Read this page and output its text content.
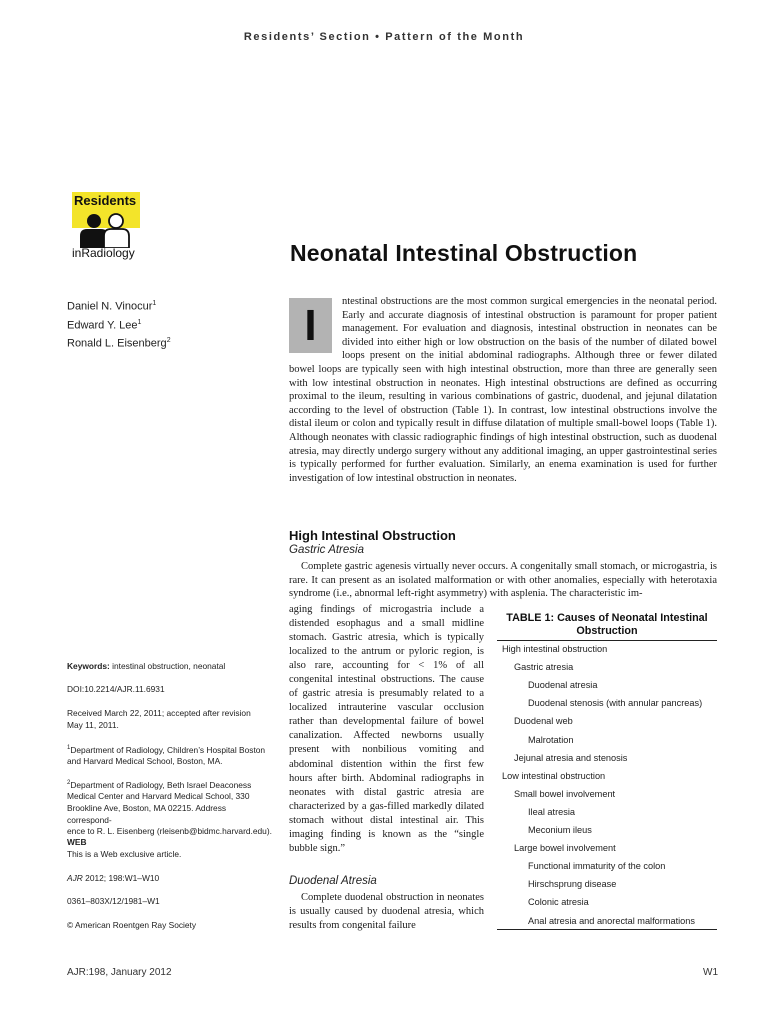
Residents’ Section • Pattern of the Month
Residents
inRadiology	Neonatal Intestinal Obstruction
Daniel N. Vinocur$^1$
Edward Y. Lee$^1$
Ronald L. Eisenberg$^2$	I	ntestinal obstructions are the most common surgical emergencies in the neonatal period. Early and accurate diagnosis of intestinal obstruction is paramount for proper patient management. For evaluation and diagnosis, intestinal obstruction in neonates can be divided into either high or low obstruction on the basis of the number of dilated bowel loops present on the initial abdominal radiographs. Although three or fewer dilated bowel loops are typically seen with high intestinal obstruction, more than three are generally seen with low intestinal obstruction in neonates. High intestinal obstructions are defined as occurring proximal to the ileum, resulting in various combinations of gastric, duodenal, and jejunal dilatation according to the level of obstruction (Table 1). In contrast, low intestinal obstructions involve the distal ileum or colon and typically result in diffuse dilatation of multiple small-bowel loops (Table 1). Although neonates with classic radiographic findings of high intestinal obstruction, such as duodenal atresia, may directly undergo surgery without any additional imaging, an upper gastrointestinal series is typically performed for further evaluation. Similarly, an enema examination is used for further investigation of low intestinal obstruction in neonates.
High Intestinal Obstruction
Gastric Atresia
Complete gastric agenesis virtually never occurs. A congenitally small stomach, or microgastria, is rare. It can present as an isolated malformation or with other anomalies, especially with heterotaxia syndrome (i.e., abnormal left-right asymmetry) with asplenia. The characteristic im-
aging findings of microgastria include a distended esophagus and a small midline stomach. Gastric atresia, which is typically localized to the antrum or pyloric region, is also rare, accounting for < 1% of all congenital intestinal obstructions. The cause of gastric atresia is presumably related to a localized intrauterine vascular occlusion rather than developmental failure of bowel canalization. Affected newborns usually present with nonbilious vomiting and abdominal distention within the first few hours after birth. Abdominal radiographs in neonates with distal gastric atresia are characterized by a gas-filled markedly dilated stomach without distal intestinal air. This imaging finding is known as the “single bubble sign.”
Duodenal Atresia
Complete duodenal obstruction in neonates is usually caused by duodenal atresia, which results from congenital failure
TABLE 1: Causes of Neonatal Intestinal
Obstruction
High intestinal obstruction
Gastric atresia
Duodenal atresia
Duodenal stenosis (with annular pancreas)
Duodenal web
Malrotation
Jejunal atresia and stenosis
Low intestinal obstruction
Small bowel involvement
Ileal atresia
Meconium ileus
Large bowel involvement
Functional immaturity of the colon
Hirschsprung disease
Colonic atresia
Anal atresia and anorectal malformations
Keywords: intestinal obstruction, neonatal
DOI:10.2214/AJR.11.6931
Received March 22, 2011; accepted after revision
May 11, 2011.
$^1$Department of Radiology, Children’s Hospital Boston
and Harvard Medical School, Boston, MA.
$^2$Department of Radiology, Beth Israel Deaconess
Medical Center and Harvard Medical School, 330
Brookline Ave, Boston, MA 02215. Address correspond-
ence to R. L. Eisenberg (rleisenb@bidmc.harvard.edu).
WEB
This is a Web exclusive article.
AJR 2012; 198:W1–W10
0361–803X/12/1981–W1
© American Roentgen Ray Society
AJR:198, January 2012	W1
